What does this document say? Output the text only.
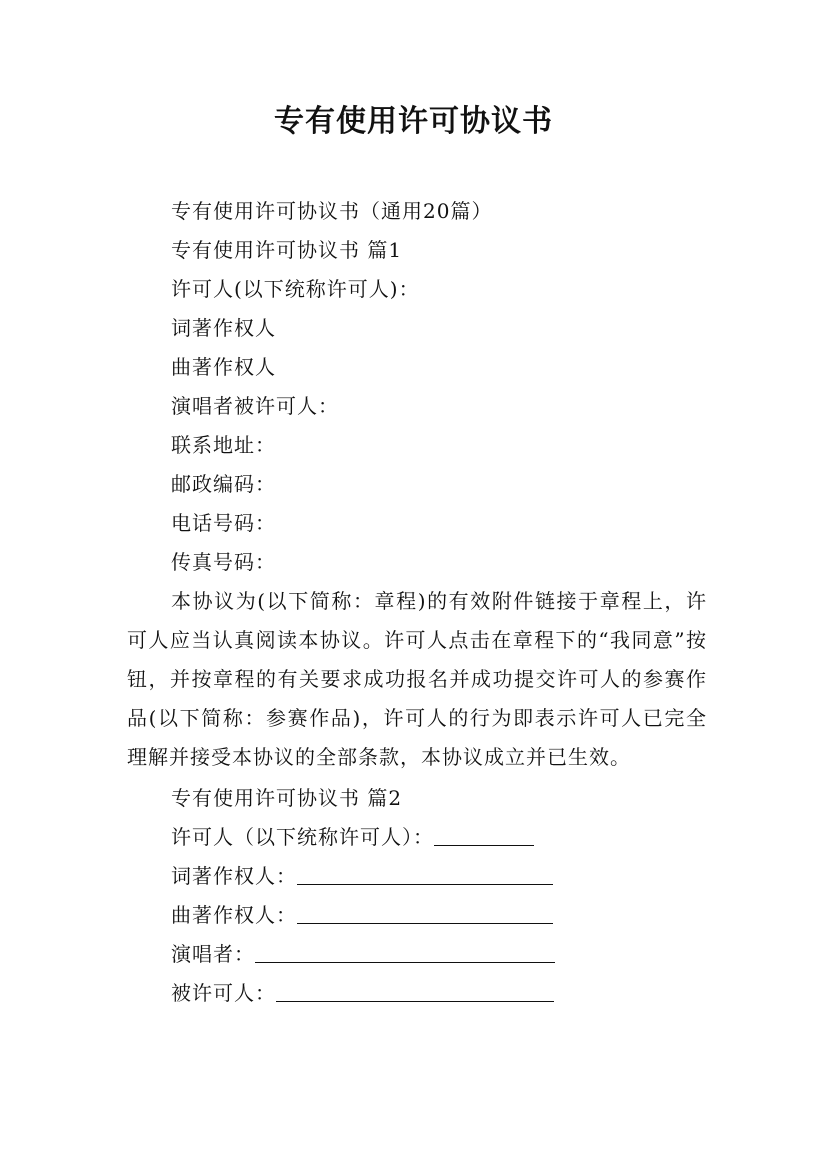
专有使用许可协议书
专有使用许可协议书（通用20篇）
专有使用许可协议书 篇1
许可人(以下统称许可人)：
词著作权人
曲著作权人
演唱者被许可人：
联系地址：
邮政编码：
电话号码：
传真号码：
本协议为(以下简称：章程)的有效附件链接于章程上，许可人应当认真阅读本协议。许可人点击在章程下的“我同意”按钮，并按章程的有关要求成功报名并成功提交许可人的参赛作品(以下简称：参赛作品)，许可人的行为即表示许可人已完全理解并接受本协议的全部条款，本协议成立并已生效。
专有使用许可协议书 篇2
许可人（以下统称许可人）：
词著作权人：
曲著作权人：
演唱者：
被许可人：
